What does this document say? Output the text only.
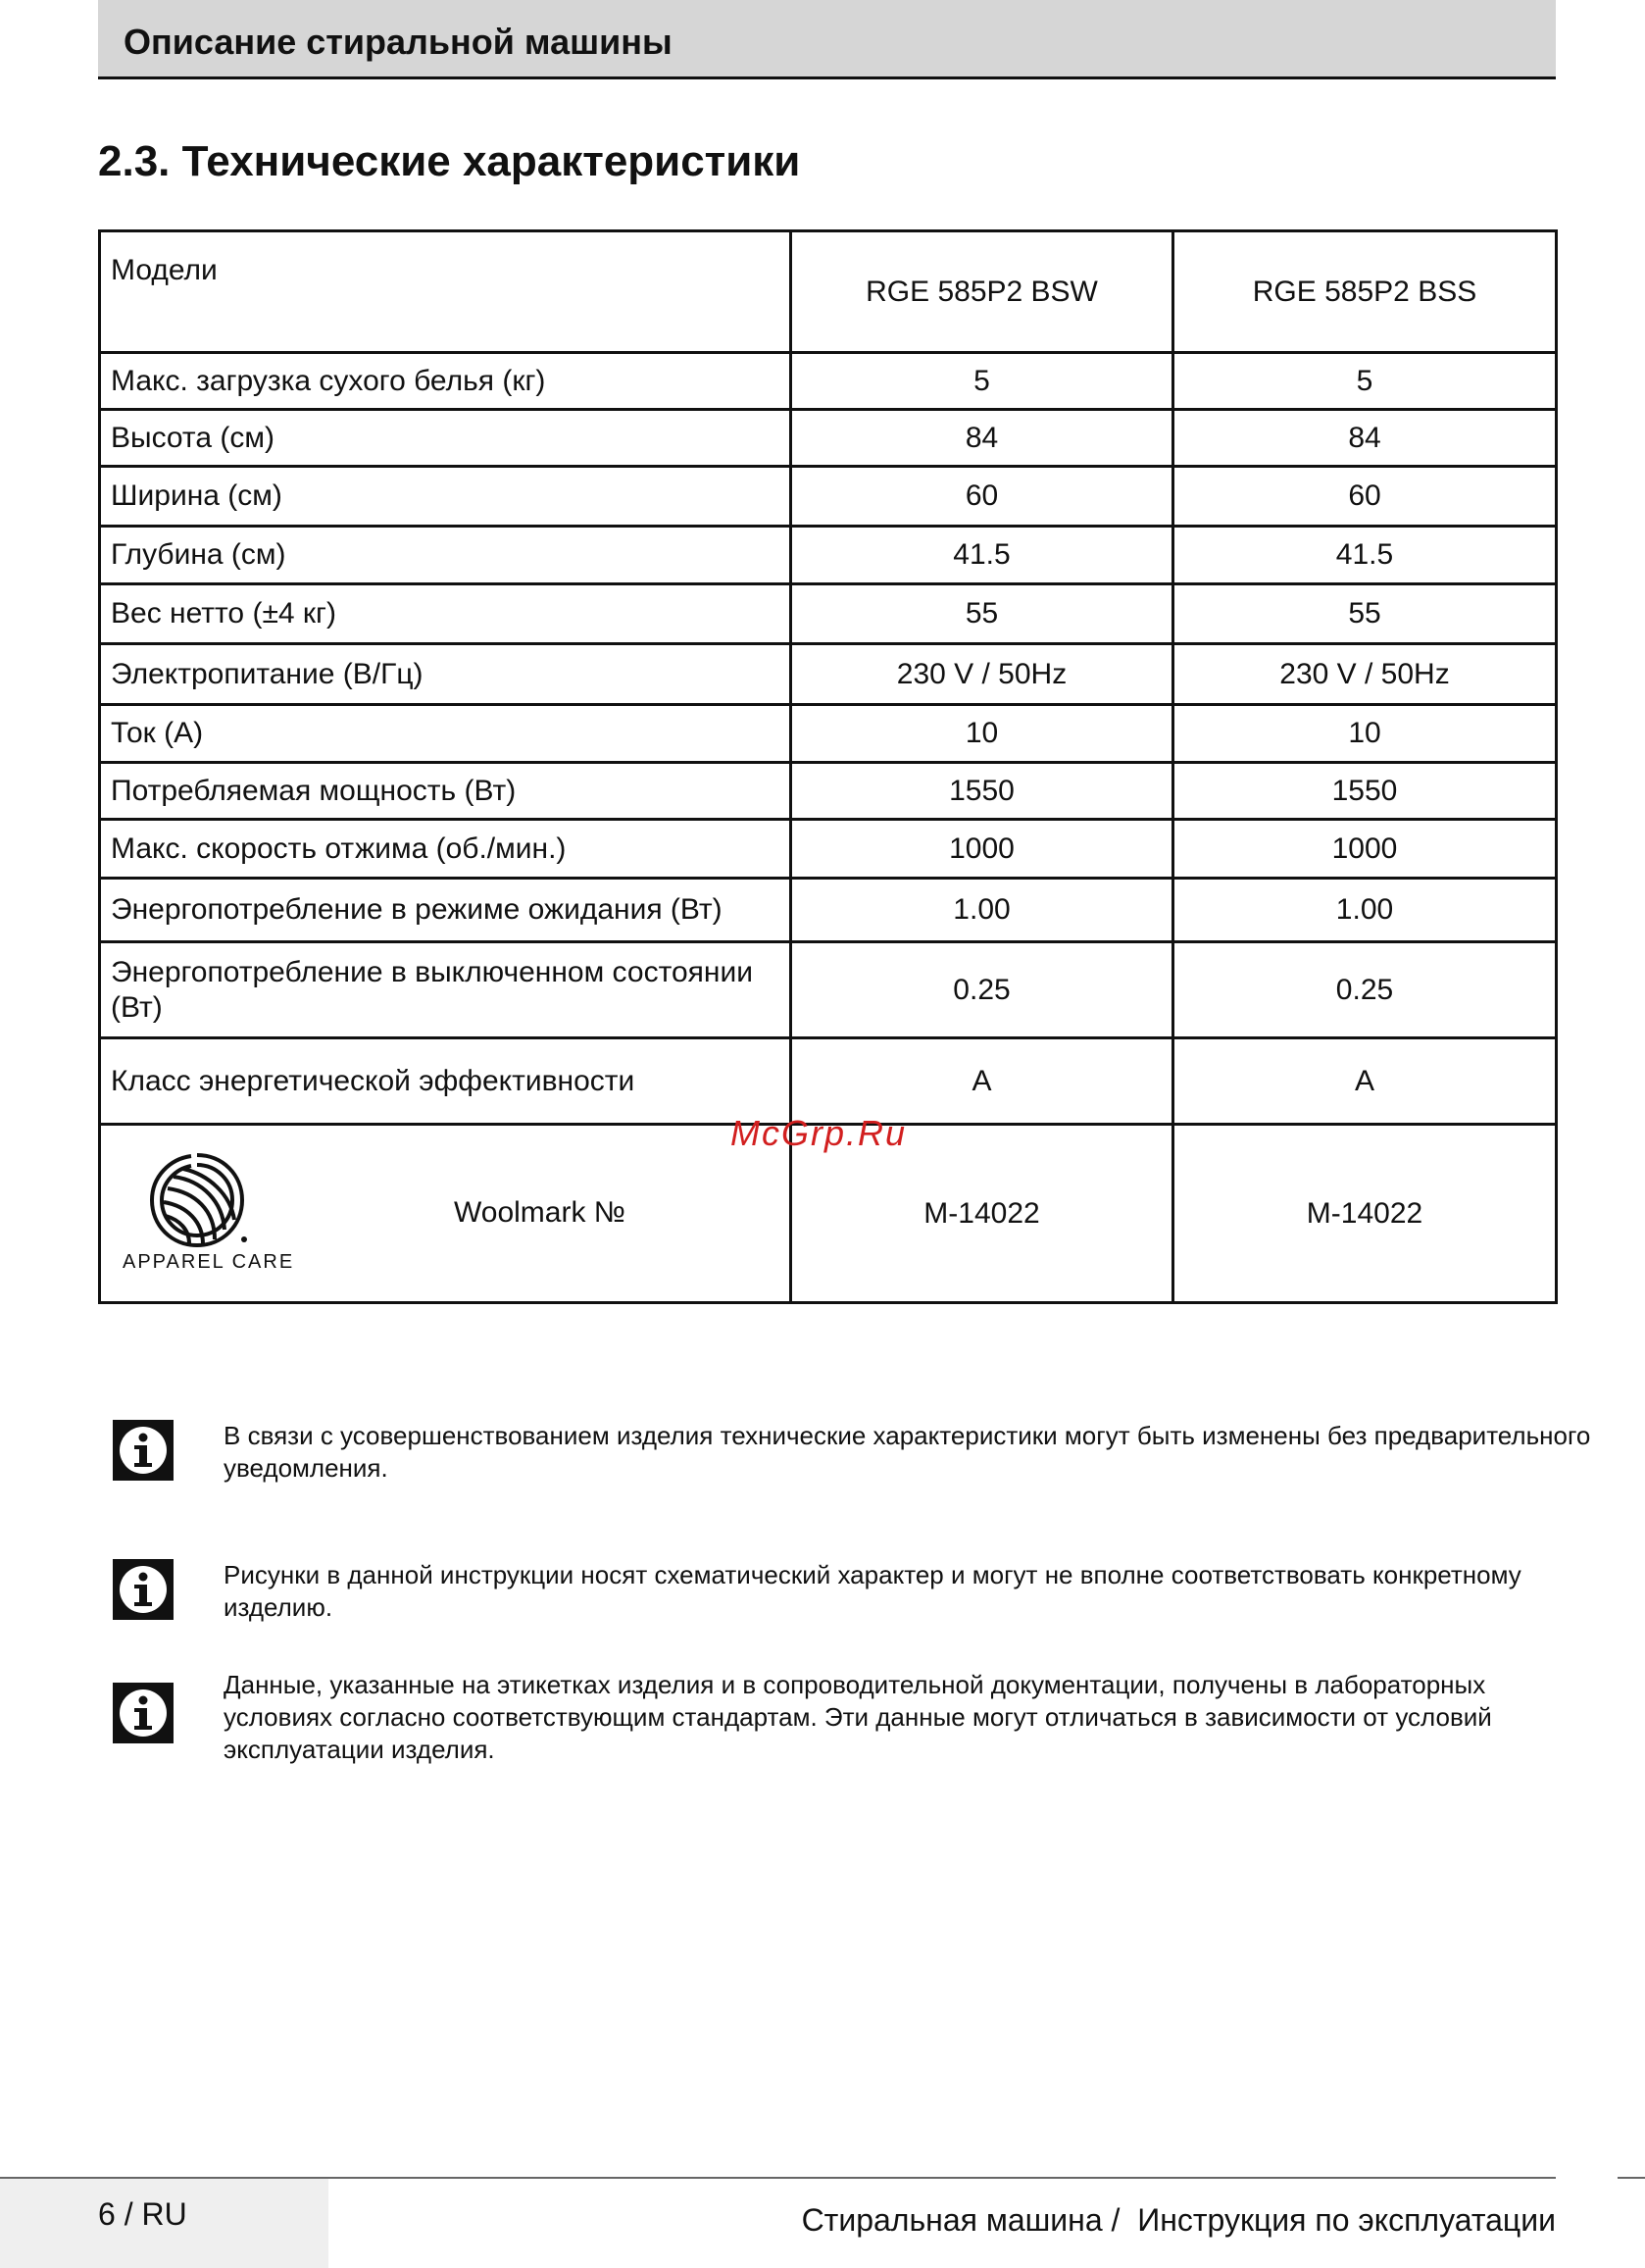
Описание стиральной машины
2.3. Технические характеристики
Модели	RGE 585P2 BSW	RGE 585P2 BSS
Макс. загрузка сухого белья (кг)	5	5
Высота (см)	84	84
Ширина (см)	60	60
Глубина (см)	41.5	41.5
Вес нетто (±4 кг)	55	55
Электропитание (В/Гц)	230 V / 50Hz	230 V / 50Hz
Ток (A)	10	10
Потребляемая мощность (Вт)	1550	1550
Макс. скорость отжима (об./мин.)	1000	1000
Энергопотребление в режиме ожидания (Вт)	1.00	1.00
Энергопотребление в выключенном состоянии (Вт)	0.25	0.25
Класс энергетической эффективности	A	A

APPAREL CARE
Woolmark №	M-14022	M-14022
McGrp.Ru
В связи с усовершенствованием изделия технические характеристики могут быть изменены без предварительного уведомления.
Рисунки в данной инструкции носят схематический характер и могут не вполне соответствовать конкретному изделию.
Данные, указанные на этикетках изделия и в сопроводительной документации, получены в лабораторных условиях согласно соответствующим стандартам. Эти данные могут отличаться в зависимости от условий эксплуатации изделия.
6 / RU	Стиральная машина /  Инструкция по эксплуатации
